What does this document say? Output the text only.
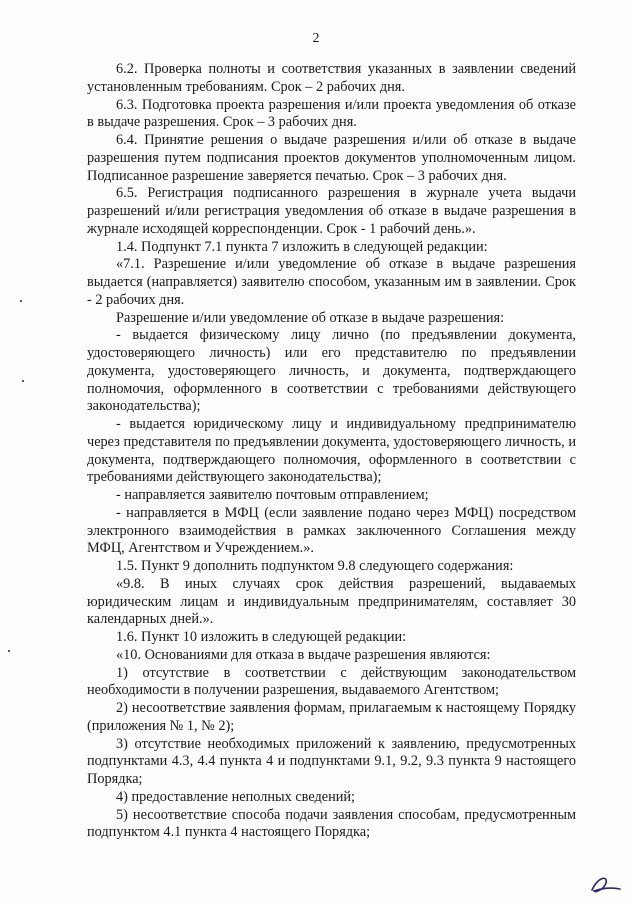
2

6.2. Проверка полноты и соответствия указанных в заявлении сведений установленным требованиям. Срок – 2 рабочих дня.

6.3. Подготовка проекта разрешения и/или проекта уведомления об отказе в выдаче разрешения. Срок – 3 рабочих дня.

6.4. Принятие решения о выдаче разрешения и/или об отказе в выдаче разрешения путем подписания проектов документов уполномоченным лицом. Подписанное разрешение заверяется печатью. Срок – 3 рабочих дня.

6.5. Регистрация подписанного разрешения в журнале учета выдачи разрешений и/или регистрация уведомления об отказе в выдаче разрешения в журнале исходящей корреспонденции. Срок - 1 рабочий день.».

1.4. Подпункт 7.1 пункта 7 изложить в следующей редакции:

«7.1. Разрешение и/или уведомление об отказе в выдаче разрешения выдается (направляется) заявителю способом, указанным им в заявлении. Срок - 2 рабочих дня.

Разрешение и/или уведомление об отказе в выдаче разрешения:

- выдается физическому лицу лично (по предъявлении документа, удостоверяющего личность) или его представителю по предъявлении документа, удостоверяющего личность, и документа, подтверждающего полномочия, оформленного в соответствии с требованиями действующего законодательства);

- выдается юридическому лицу и индивидуальному предпринимателю через представителя по предъявлении документа, удостоверяющего личность, и документа, подтверждающего полномочия, оформленного в соответствии с требованиями действующего законодательства);

- направляется заявителю почтовым отправлением;

- направляется в МФЦ (если заявление подано через МФЦ) посредством электронного взаимодействия в рамках заключенного Соглашения между МФЦ, Агентством и Учреждением.».

1.5. Пункт 9 дополнить подпунктом 9.8 следующего содержания:

«9.8. В иных случаях срок действия разрешений, выдаваемых юридическим лицам и индивидуальным предпринимателям, составляет 30 календарных дней.».

1.6. Пункт 10 изложить в следующей редакции:

«10. Основаниями для отказа в выдаче разрешения являются:

1) отсутствие в соответствии с действующим законодательством необходимости в получении разрешения, выдаваемого Агентством;

2) несоответствие заявления формам, прилагаемым к настоящему Порядку (приложения № 1, № 2);

3) отсутствие необходимых приложений к заявлению, предусмотренных подпунктами 4.3, 4.4 пункта 4 и подпунктами 9.1, 9.2, 9.3 пункта 9 настоящего Порядка;

4) предоставление неполных сведений;

5) несоответствие способа подачи заявления способам, предусмотренным подпунктом 4.1 пункта 4 настоящего Порядка;
